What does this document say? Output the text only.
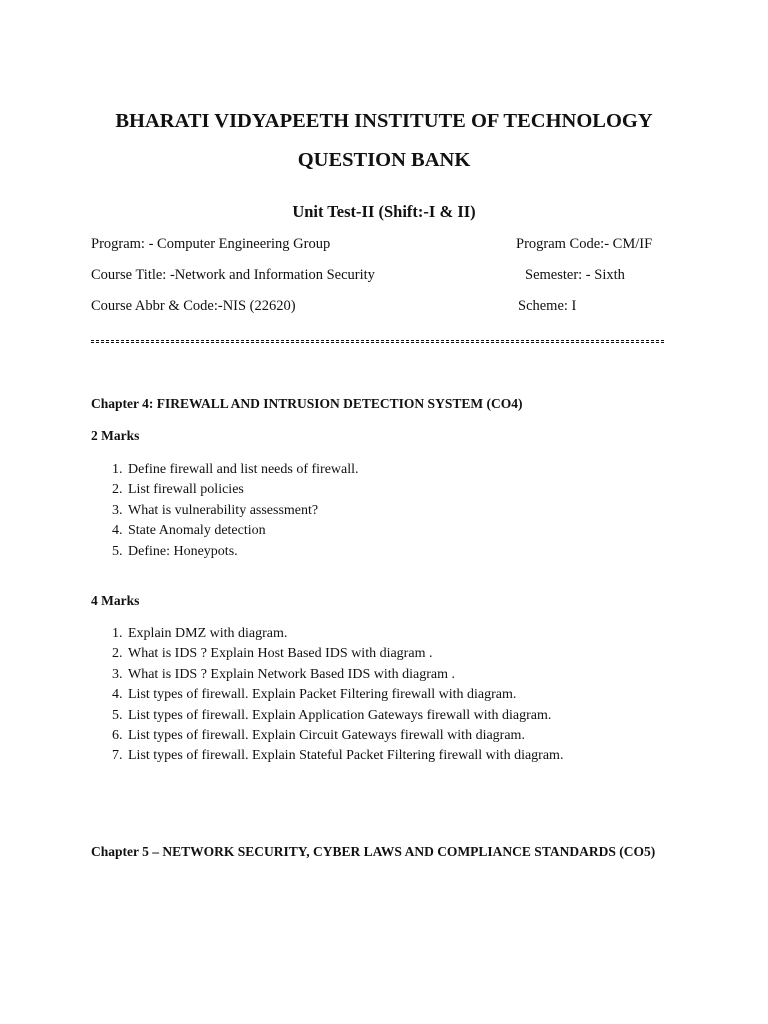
BHARATI VIDYAPEETH INSTITUTE OF TECHNOLOGY
QUESTION BANK
Unit Test-II (Shift:-I & II)
Program: - Computer Engineering Group	Program Code:- CM/IF
Course Title: -Network and Information Security	Semester: - Sixth
Course Abbr & Code:-NIS (22620)	Scheme: I
Chapter 4: FIREWALL AND INTRUSION DETECTION SYSTEM (CO4)
2 Marks
1. Define firewall and list needs of firewall.
2. List firewall policies
3. What is vulnerability assessment?
4. State Anomaly detection
5. Define: Honeypots.
4 Marks
1. Explain DMZ with diagram.
2. What is IDS ? Explain Host Based IDS with diagram .
3. What is IDS ? Explain Network Based IDS with diagram .
4. List types of firewall. Explain Packet Filtering firewall with diagram.
5. List types of firewall. Explain Application Gateways firewall with diagram.
6. List types of firewall. Explain Circuit Gateways firewall with diagram.
7. List types of firewall. Explain Stateful Packet Filtering firewall with diagram.
Chapter 5 – NETWORK SECURITY, CYBER LAWS AND COMPLIANCE STANDARDS (CO5)
